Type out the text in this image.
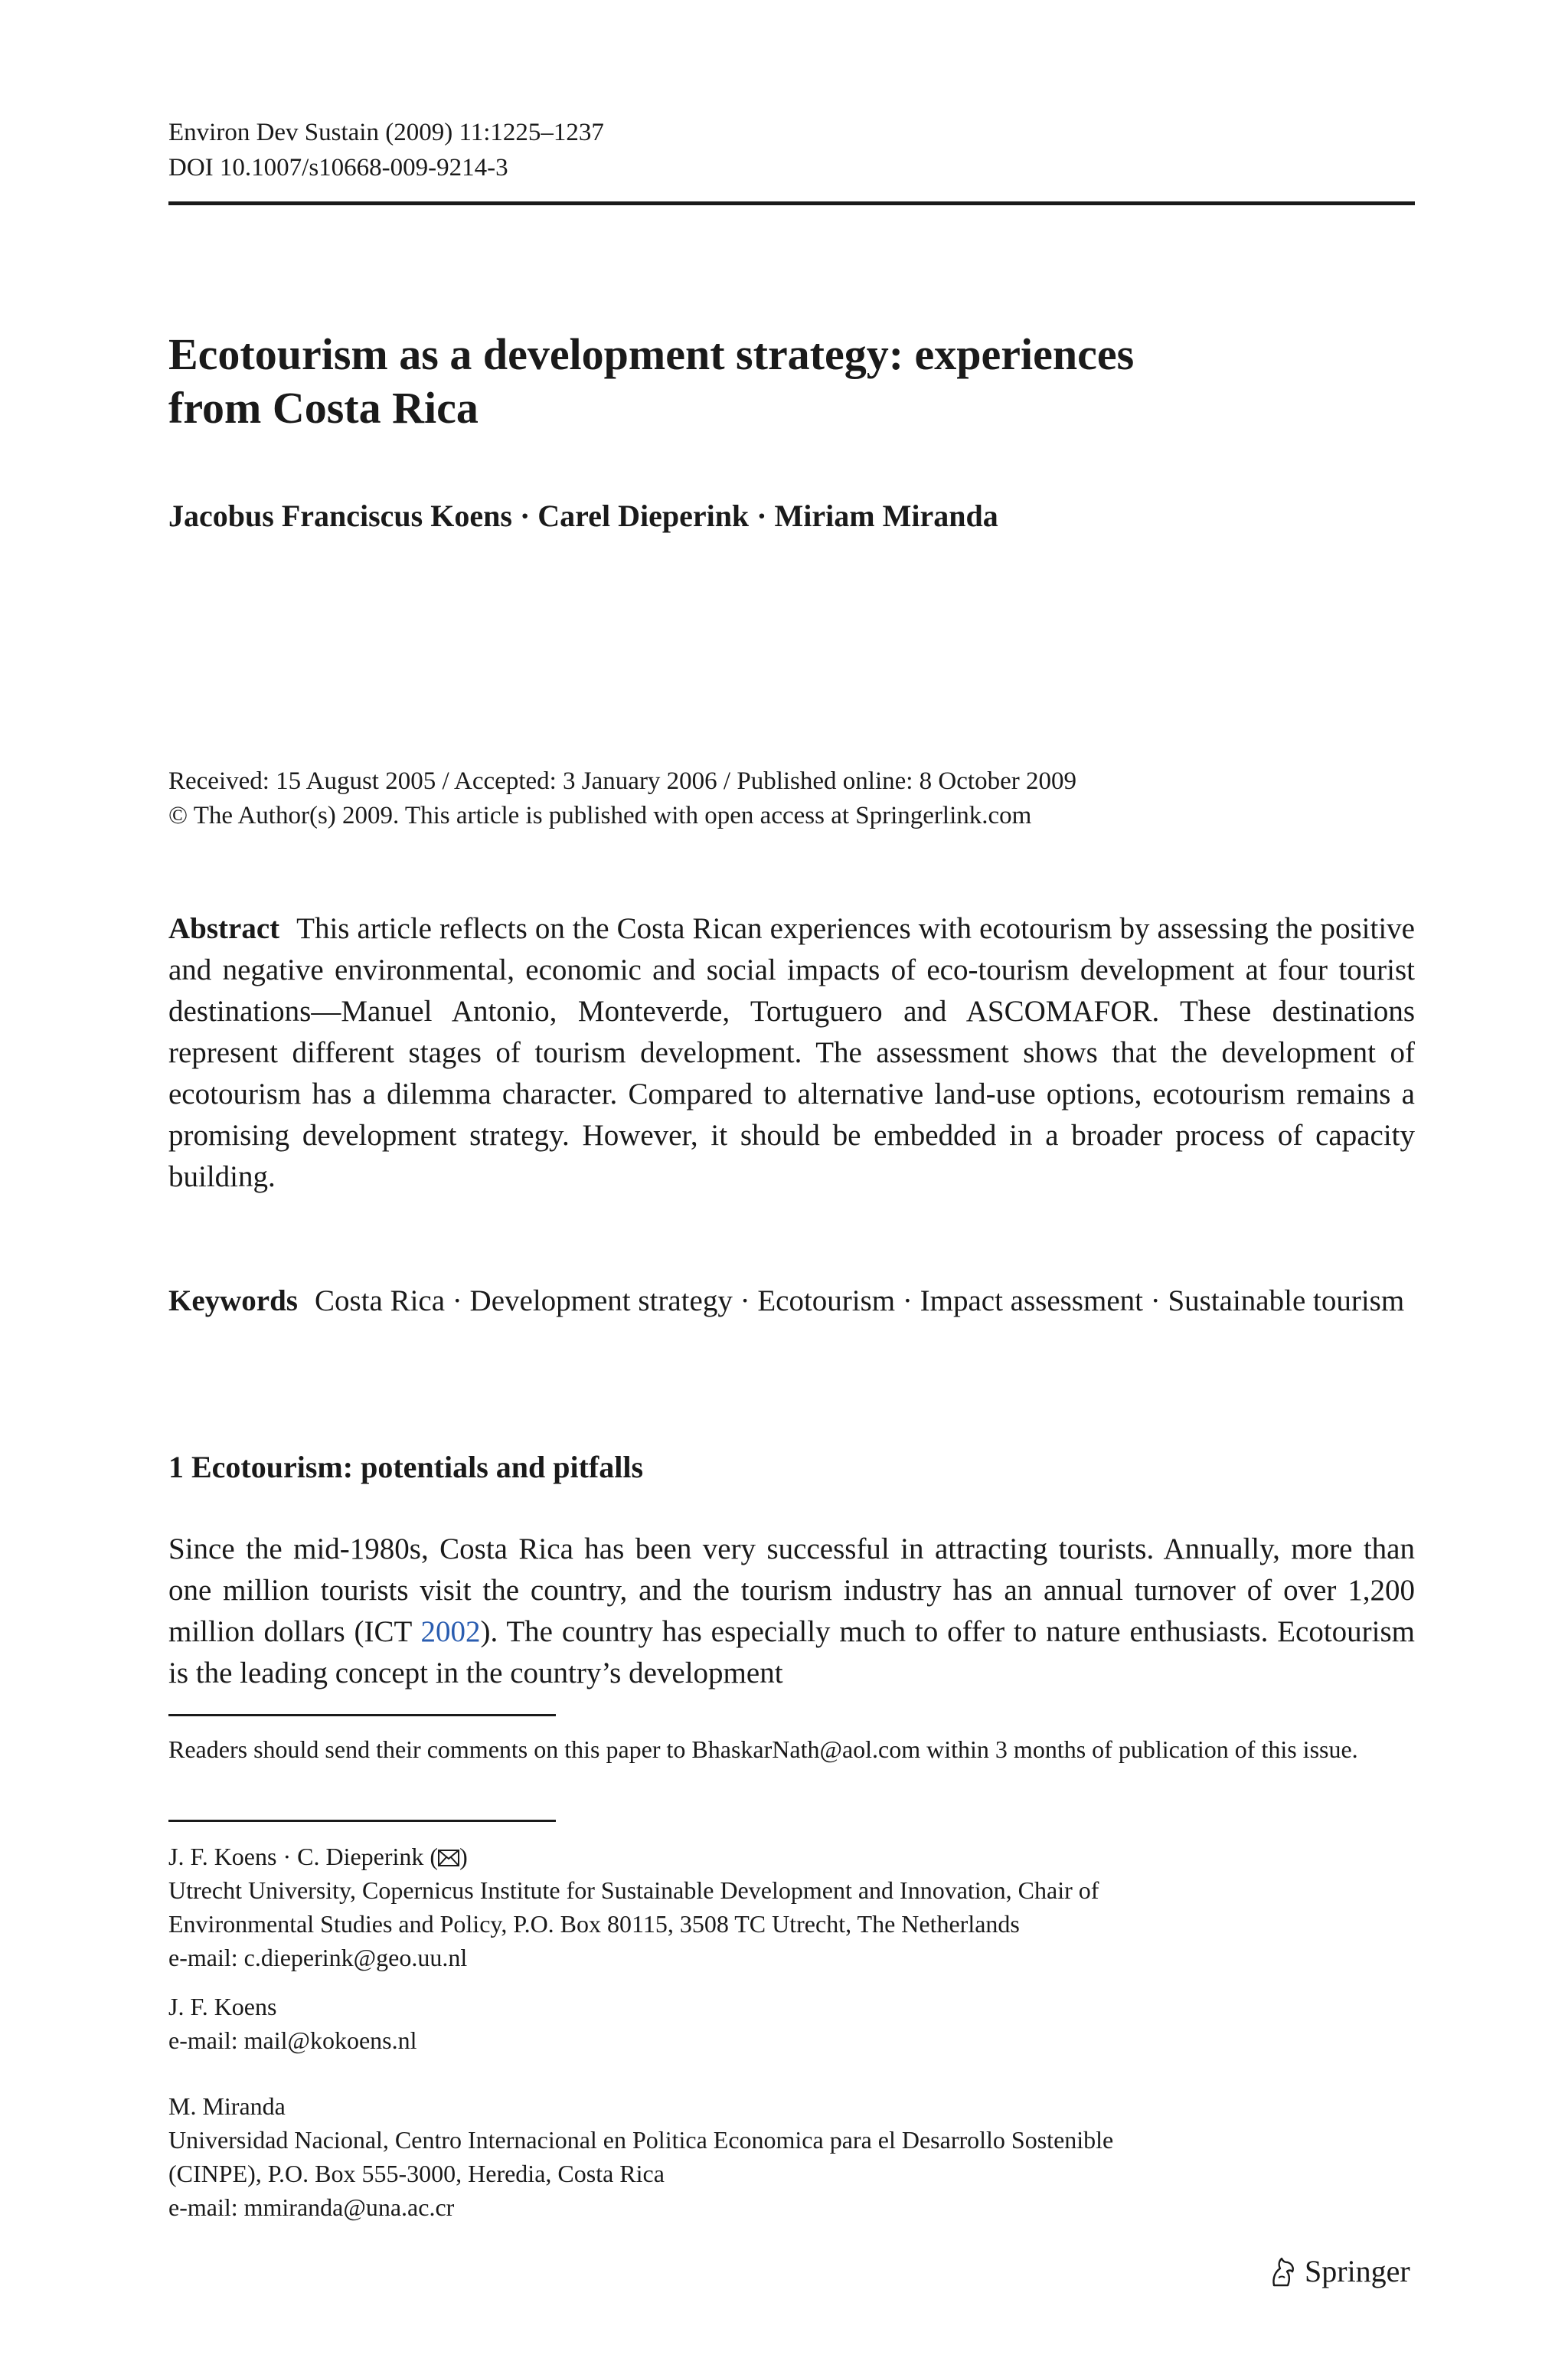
Environ Dev Sustain (2009) 11:1225–1237
DOI 10.1007/s10668-009-9214-3
Ecotourism as a development strategy: experiences
from Costa Rica
Jacobus Franciscus Koens · Carel Dieperink · Miriam Miranda
Received: 15 August 2005 / Accepted: 3 January 2006 / Published online: 8 October 2009
© The Author(s) 2009. This article is published with open access at Springerlink.com

Abstract This article reflects on the Costa Rican experiences with ecotourism by assessing the positive and negative environmental, economic and social impacts of eco-tourism development at four tourist destinations—Manuel Antonio, Monteverde, Tortuguero and ASCOMAFOR. These destinations represent different stages of tourism development. The assessment shows that the development of ecotourism has a dilemma character. Compared to alternative land-use options, ecotourism remains a promising development strategy. However, it should be embedded in a broader process of capacity building.

Keywords Costa Rica · Development strategy · Ecotourism · Impact assessment · Sustainable tourism

1 Ecotourism: potentials and pitfalls

Since the mid-1980s, Costa Rica has been very successful in attracting tourists. Annually, more than one million tourists visit the country, and the tourism industry has an annual turnover of over 1,200 million dollars (ICT 2002). The country has especially much to offer to nature enthusiasts. Ecotourism is the leading concept in the country’s development

Readers should send their comments on this paper to BhaskarNath@aol.com within 3 months of publication of this issue.

J. F. Koens · C. Dieperink ( )
Utrecht University, Copernicus Institute for Sustainable Development and Innovation, Chair of
Environmental Studies and Policy, P.O. Box 80115, 3508 TC Utrecht, The Netherlands
e-mail: c.dieperink@geo.uu.nl
J. F. Koens
e-mail: mail@kokoens.nl
M. Miranda
Universidad Nacional, Centro Internacional en Politica Economica para el Desarrollo Sostenible
(CINPE), P.O. Box 555-3000, Heredia, Costa Rica
e-mail: mmiranda@una.ac.cr
Springer
